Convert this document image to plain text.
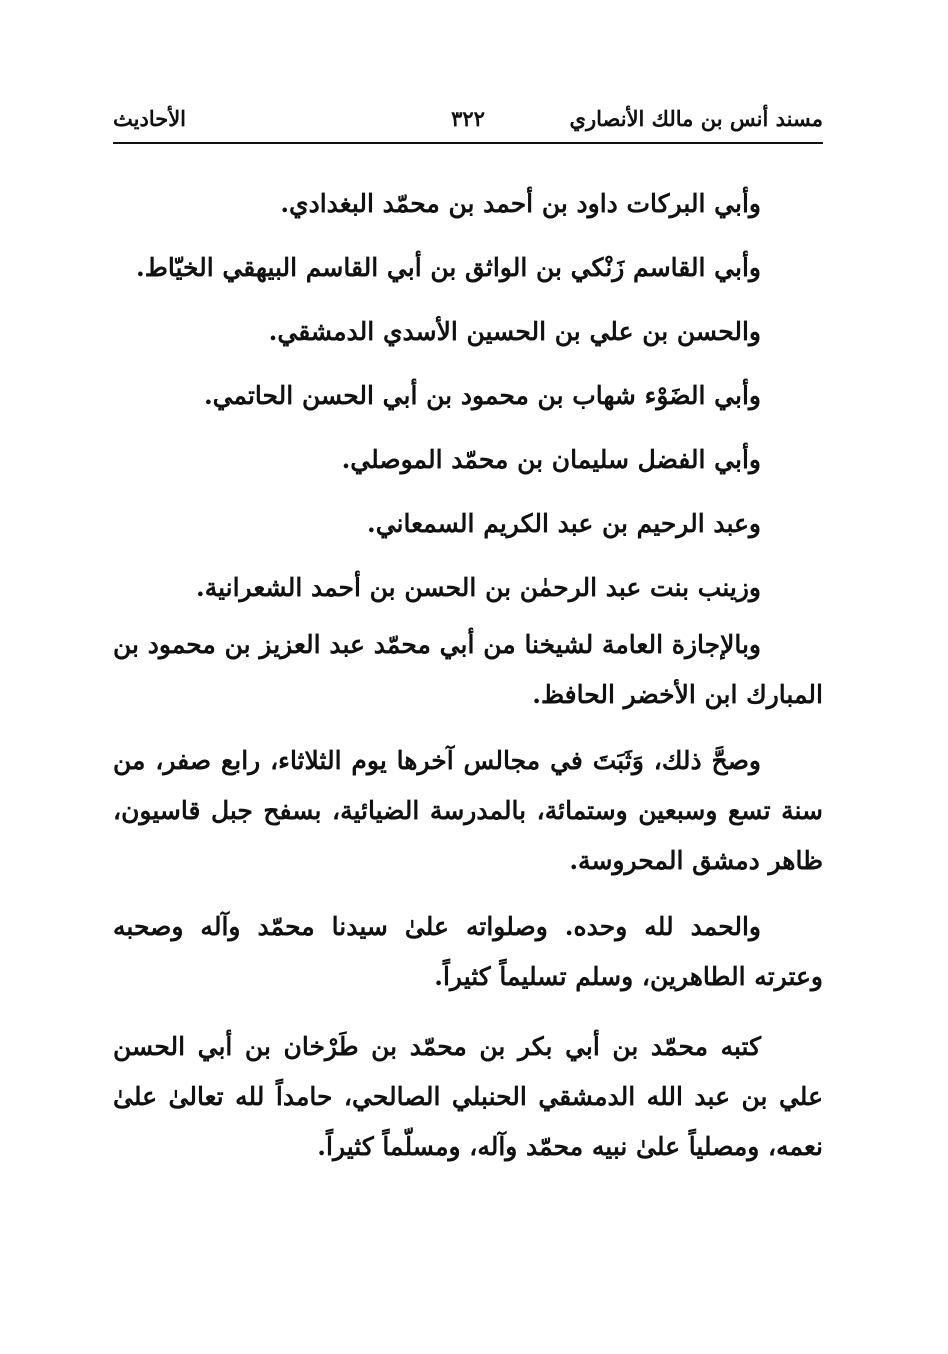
مسند أنس بن مالك الأنصاري
٣٢٢
الأحاديث
وأبي البركات داود بن أحمد بن محمّد البغدادي.
وأبي القاسم زَنْكي بن الواثق بن أبي القاسم البيهقي الخيّاط.
والحسن بن علي بن الحسين الأسدي الدمشقي.
وأبي الضَوْء شهاب بن محمود بن أبي الحسن الحاتمي.
وأبي الفضل سليمان بن محمّد الموصلي.
وعبد الرحيم بن عبد الكريم السمعاني.
وزينب بنت عبد الرحمٰن بن الحسن بن أحمد الشعرانية.

وبالإجازة العامة لشيخنا من أبي محمّد عبد العزيز بن محمود بن المبارك ابن الأخضر الحافظ.

وصحَّ ذلك، وَثَبَتَ في مجالس آخرها يوم الثلاثاء، رابع صفر، من سنة تسع وسبعين وستمائة، بالمدرسة الضيائية، بسفح جبل قاسيون، ظاهر دمشق المحروسة.

والحمد لله وحده. وصلواته علىٰ سيدنا محمّد وآله وصحبه وعترته الطاهرين، وسلم تسليماً كثيراً.

كتبه محمّد بن أبي بكر بن محمّد بن طَرْخان بن أبي الحسن علي بن عبد الله الدمشقي الحنبلي الصالحي، حامداً لله تعالىٰ علىٰ نعمه، ومصلياً علىٰ نبيه محمّد وآله، ومسلّماً كثيراً.
